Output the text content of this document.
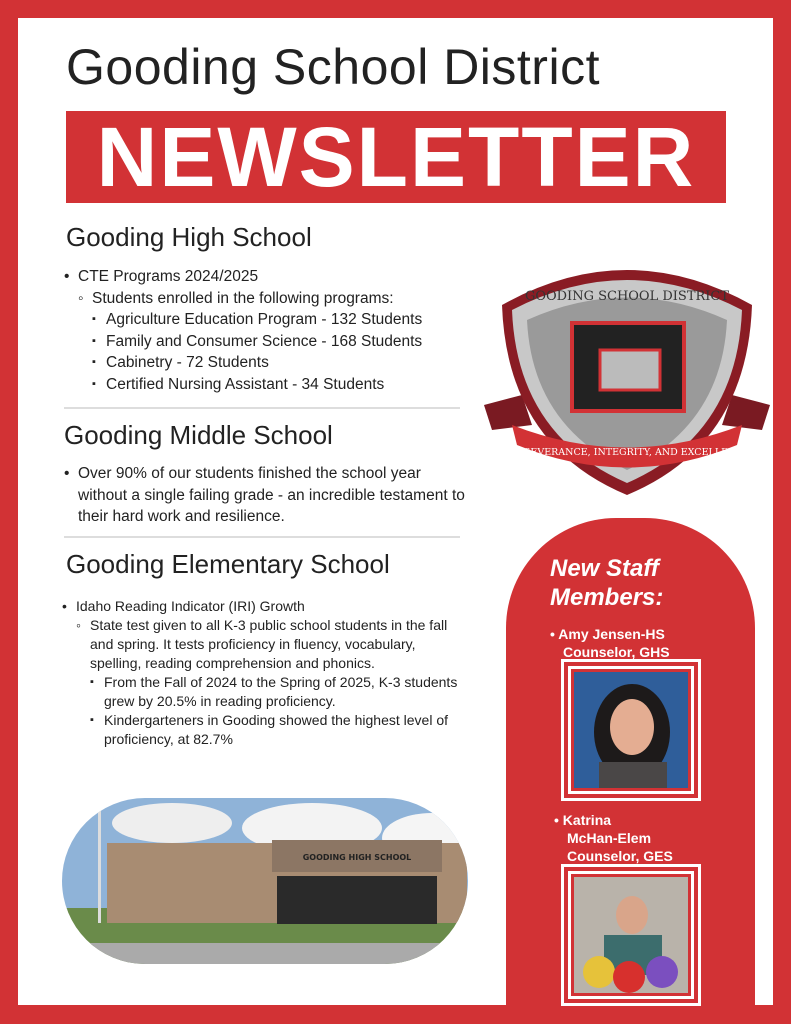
Gooding School District
NEWSLETTER
Gooding High School
• CTE Programs 2024/2025
◦ Students enrolled in the following programs:
▪ Agriculture Education Program - 132 Students
▪ Family and Consumer Science - 168 Students
▪ Cabinetry - 72 Students
▪ Certified Nursing Assistant - 34 Students
Gooding Middle School
• Over 90% of our students finished the school year without a single failing grade - an incredible testament to their hard work and resilience.
Gooding Elementary School
• Idaho Reading Indicator (IRI) Growth
◦ State test given to all K-3 public school students in the fall and spring. It tests proficiency in fluency, vocabulary, spelling, reading comprehension and phonics.
▪ From the Fall of 2024 to the Spring of 2025, K-3 students grew by 20.5% in reading proficiency.
▪ Kindergarteners in Gooding showed the highest level of proficiency, at 82.7%
GOODING SCHOOL DISTRICT
PERSEVERANCE, INTEGRITY, AND EXCELLENCE
GOODING HIGH SCHOOL
New Staff
Members:
• Amy Jensen-HS
Counselor, GHS
• Katrina
McHan-Elem
Counselor, GES
